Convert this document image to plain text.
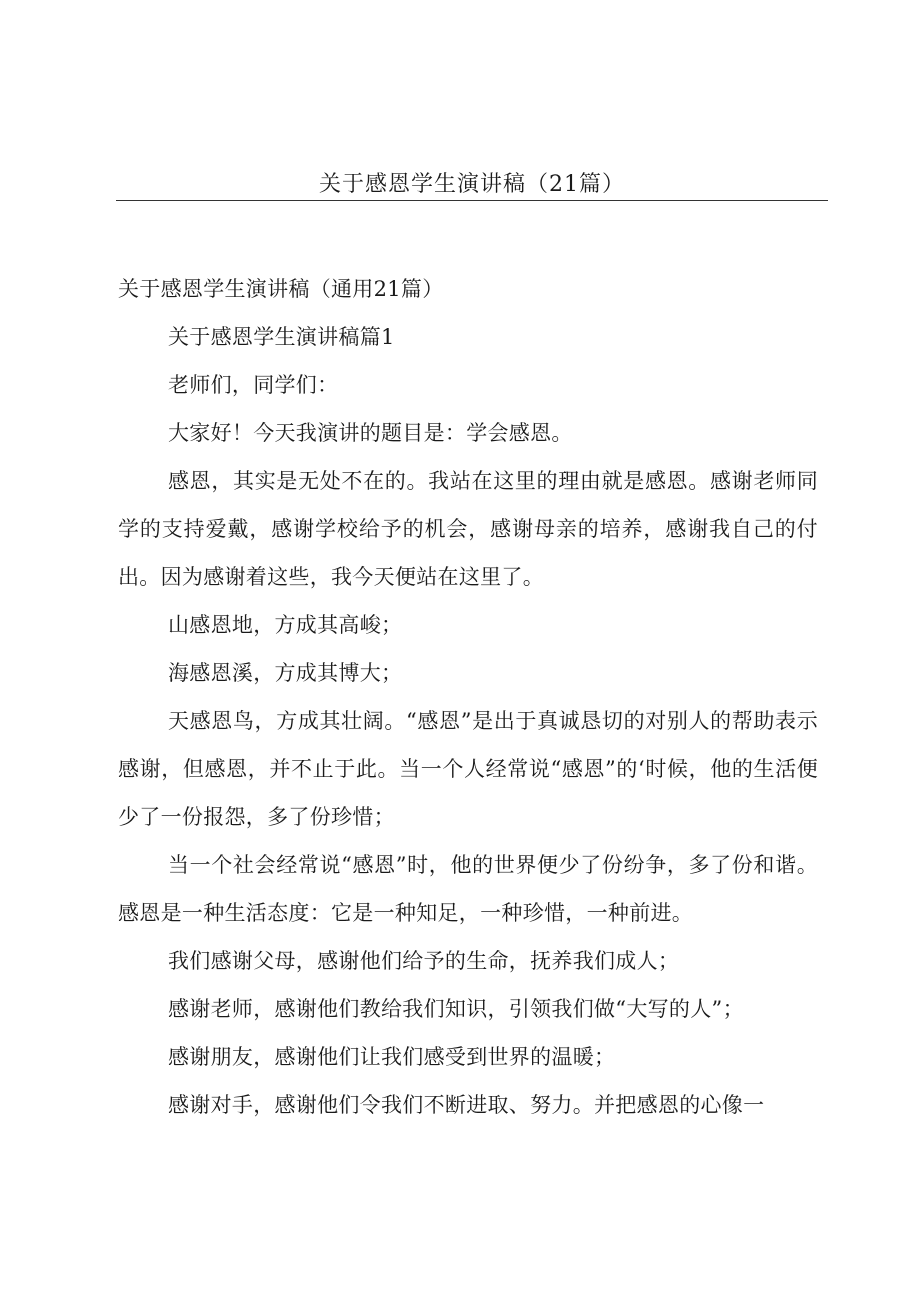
关于感恩学生演讲稿（21篇）

关于感恩学生演讲稿（通用21篇）

关于感恩学生演讲稿篇1

老师们，同学们：

大家好！今天我演讲的题目是：学会感恩。

感恩，其实是无处不在的。我站在这里的理由就是感恩。感谢老师同学的支持爱戴，感谢学校给予的机会，感谢母亲的培养，感谢我自己的付出。因为感谢着这些，我今天便站在这里了。

山感恩地，方成其高峻；

海感恩溪，方成其博大；

天感恩鸟，方成其壮阔。“感恩”是出于真诚恳切的对别人的帮助表示感谢，但感恩，并不止于此。当一个人经常说“感恩”的‘时候，他的生活便少了一份报怨，多了份珍惜；

当一个社会经常说“感恩”时，他的世界便少了份纷争，多了份和谐。感恩是一种生活态度：它是一种知足，一种珍惜，一种前进。

我们感谢父母，感谢他们给予的生命，抚养我们成人；

感谢老师，感谢他们教给我们知识，引领我们做“大写的人”；

感谢朋友，感谢他们让我们感受到世界的温暖；

感谢对手，感谢他们令我们不断进取、努力。并把感恩的心像一
